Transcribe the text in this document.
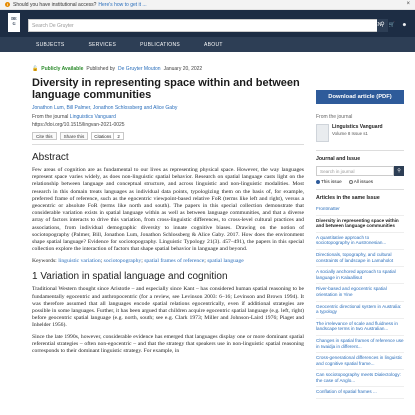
! Should you have institutional access? Here's how to get it ...	×
DE
G	Search De Gruyter	⚲
$ USD EN 🛒 ☻
SUBJECTS	SERVICES	PUBLICATIONS	ABOUT
🔓 Publicly Available Published by De Gruyter Mouton January 20, 2022
Diversity in representing space within and between language communities
Jonathon Lum, Bill Palmer, Jonathon Schlossberg and Alice Gaby
From the journal Linguistics Vanguard
https://doi.org/10.1515/lingvan-2021-0025
Cite this	Share this	Citations	2
Abstract

Few areas of cognition are as fundamental to our lives as representing physical space. However, the way languages represent space varies widely, as does non-linguistic spatial behavior. Research on spatial language casts light on the relationship between language and conceptual structure, and across linguistic and non-linguistic modalities. Most research in this domain treats languages as individual data points, typologizing them on the basis of, for example, preferred frame of reference, such as the egocentric viewpoint-based relative FoR (terms like left and right), versus a geocentric or absolute FoR (terms like north and south). The papers in this special collection demonstrate that considerable variation exists in spatial language within as well as between language communities, and that a diverse array of factors interacts to drive this variation, from cross-linguistic differences, to cross-level cultural practices and associations, from individual demographic diversity to innate cognitive biases. Drawing on the notion of sociotopography (Palmer, Bill, Jonathon Lum, Jonathon Schlossberg & Alice Gaby. 2017. How does the environment shape spatial language? Evidence for sociotopography. Linguistic Typology 21(3). 457–491), the papers in this special collection explore the interaction of factors that shape spatial behavior in language and beyond.

Keywords: linguistic variation; sociotopography; spatial frames of reference; spatial language
1 Variation in spatial language and cognition

Traditional Western thought since Aristotle – and especially since Kant – has considered human spatial reasoning to be fundamentally egocentric and anthropocentric (for a review, see Levinson 2003: 6–16; Levinson and Brown 1994). It was therefore assumed that all languages encode spatial relations egocentrically, even if additional strategies are possible in some languages. Further, it has been argued that children acquire egocentric spatial language (e.g. left, right) before geocentric spatial language (e.g. north, south; see e.g. Clark 1973; Miller and Johnson-Laird 1976; Piaget and Inhelder 1956).

Since the late 1990s, however, considerable evidence has emerged that languages display one or more dominant spatial referential strategies – often non-egocentric – and that the strategy that speakers use in non-linguistic spatial reasoning corresponds to their dominant linguistic strategy. For example, in

Download article (PDF)
From the journal
Linguistics Vanguard
Volume 8 Issue s1
Journal and Issue
Search in journal	⚲
This issue	All issues
Articles in the same Issue
Frontmatter
Diversity in representing space within and between language communities
A quantitative approach to sociotopography in Austronesian...
Directionals, topography, and cultural constraints of landscape in Lamaholot
A socially anchored approach to spatial language in Kalaallisut
River-based and egocentric spatial orientation in Yine
Geocentric directional system in Australia: a typology
The irrelevance of scale and fluidness in landscape terms in two Australian...
Changes in spatial frames of reference use in Iwaidja in different...
Cross-generational differences in linguistic and cognitive spatial frame...
Can sociotopography meets Dialectology: the case of Anglo...
Conflation of spatial frames ...
